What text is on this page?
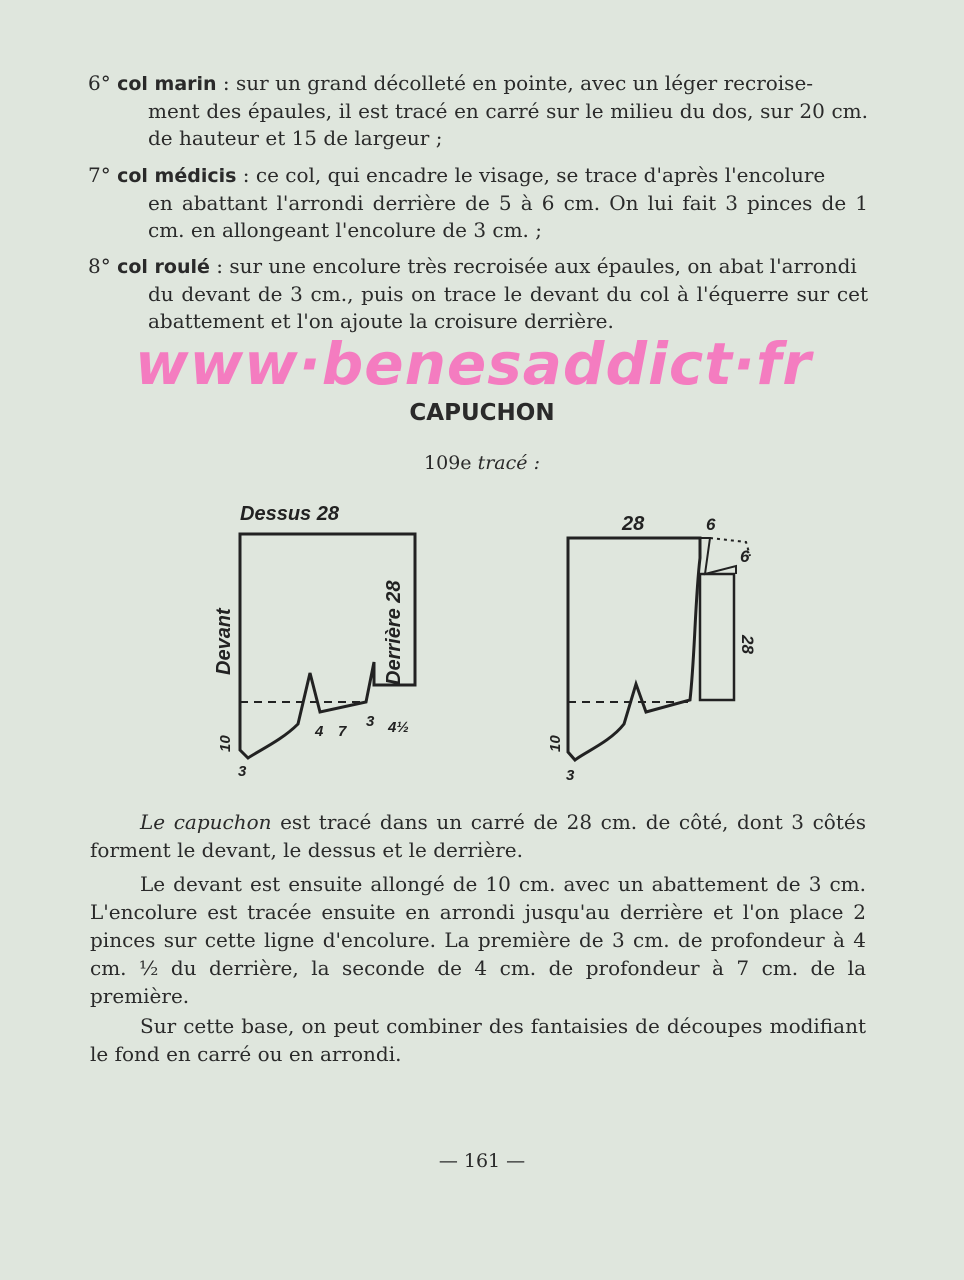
6° col marin : sur un grand décolleté en pointe, avec un léger recroise-
ment des épaules, il est tracé en carré sur le milieu du dos, sur 20 cm. de hauteur et 15 de largeur ;
7° col médicis : ce col, qui encadre le visage, se trace d'après l'encolure
en abattant l'arrondi derrière de 5 à 6 cm. On lui fait 3 pinces de 1 cm. en allongeant l'encolure de 3 cm. ;
8° col roulé : sur une encolure très recroisée aux épaules, on abat l'arrondi
du devant de 3 cm., puis on trace le devant du col à l'équerre sur cet abattement et l'on ajoute la croisure derrière.
www·benesaddict·fr
CAPUCHON
109e tracé :
Dessus 28
Devant	Derrière 28
4 7
3 4½
10
3
28	6
6
28
10
3
Le capuchon est tracé dans un carré de 28 cm. de côté, dont 3 côtés forment le devant, le dessus et le derrière.
Le devant est ensuite allongé de 10 cm. avec un abattement de 3 cm. L'encolure est tracée ensuite en arrondi jusqu'au derrière et l'on place 2 pinces sur cette ligne d'encolure. La première de 3 cm. de profondeur à 4 cm. ½ du derrière, la seconde de 4 cm. de profondeur à 7 cm. de la première.
Sur cette base, on peut combiner des fantaisies de découpes modifiant le fond en carré ou en arrondi.
— 161 —
